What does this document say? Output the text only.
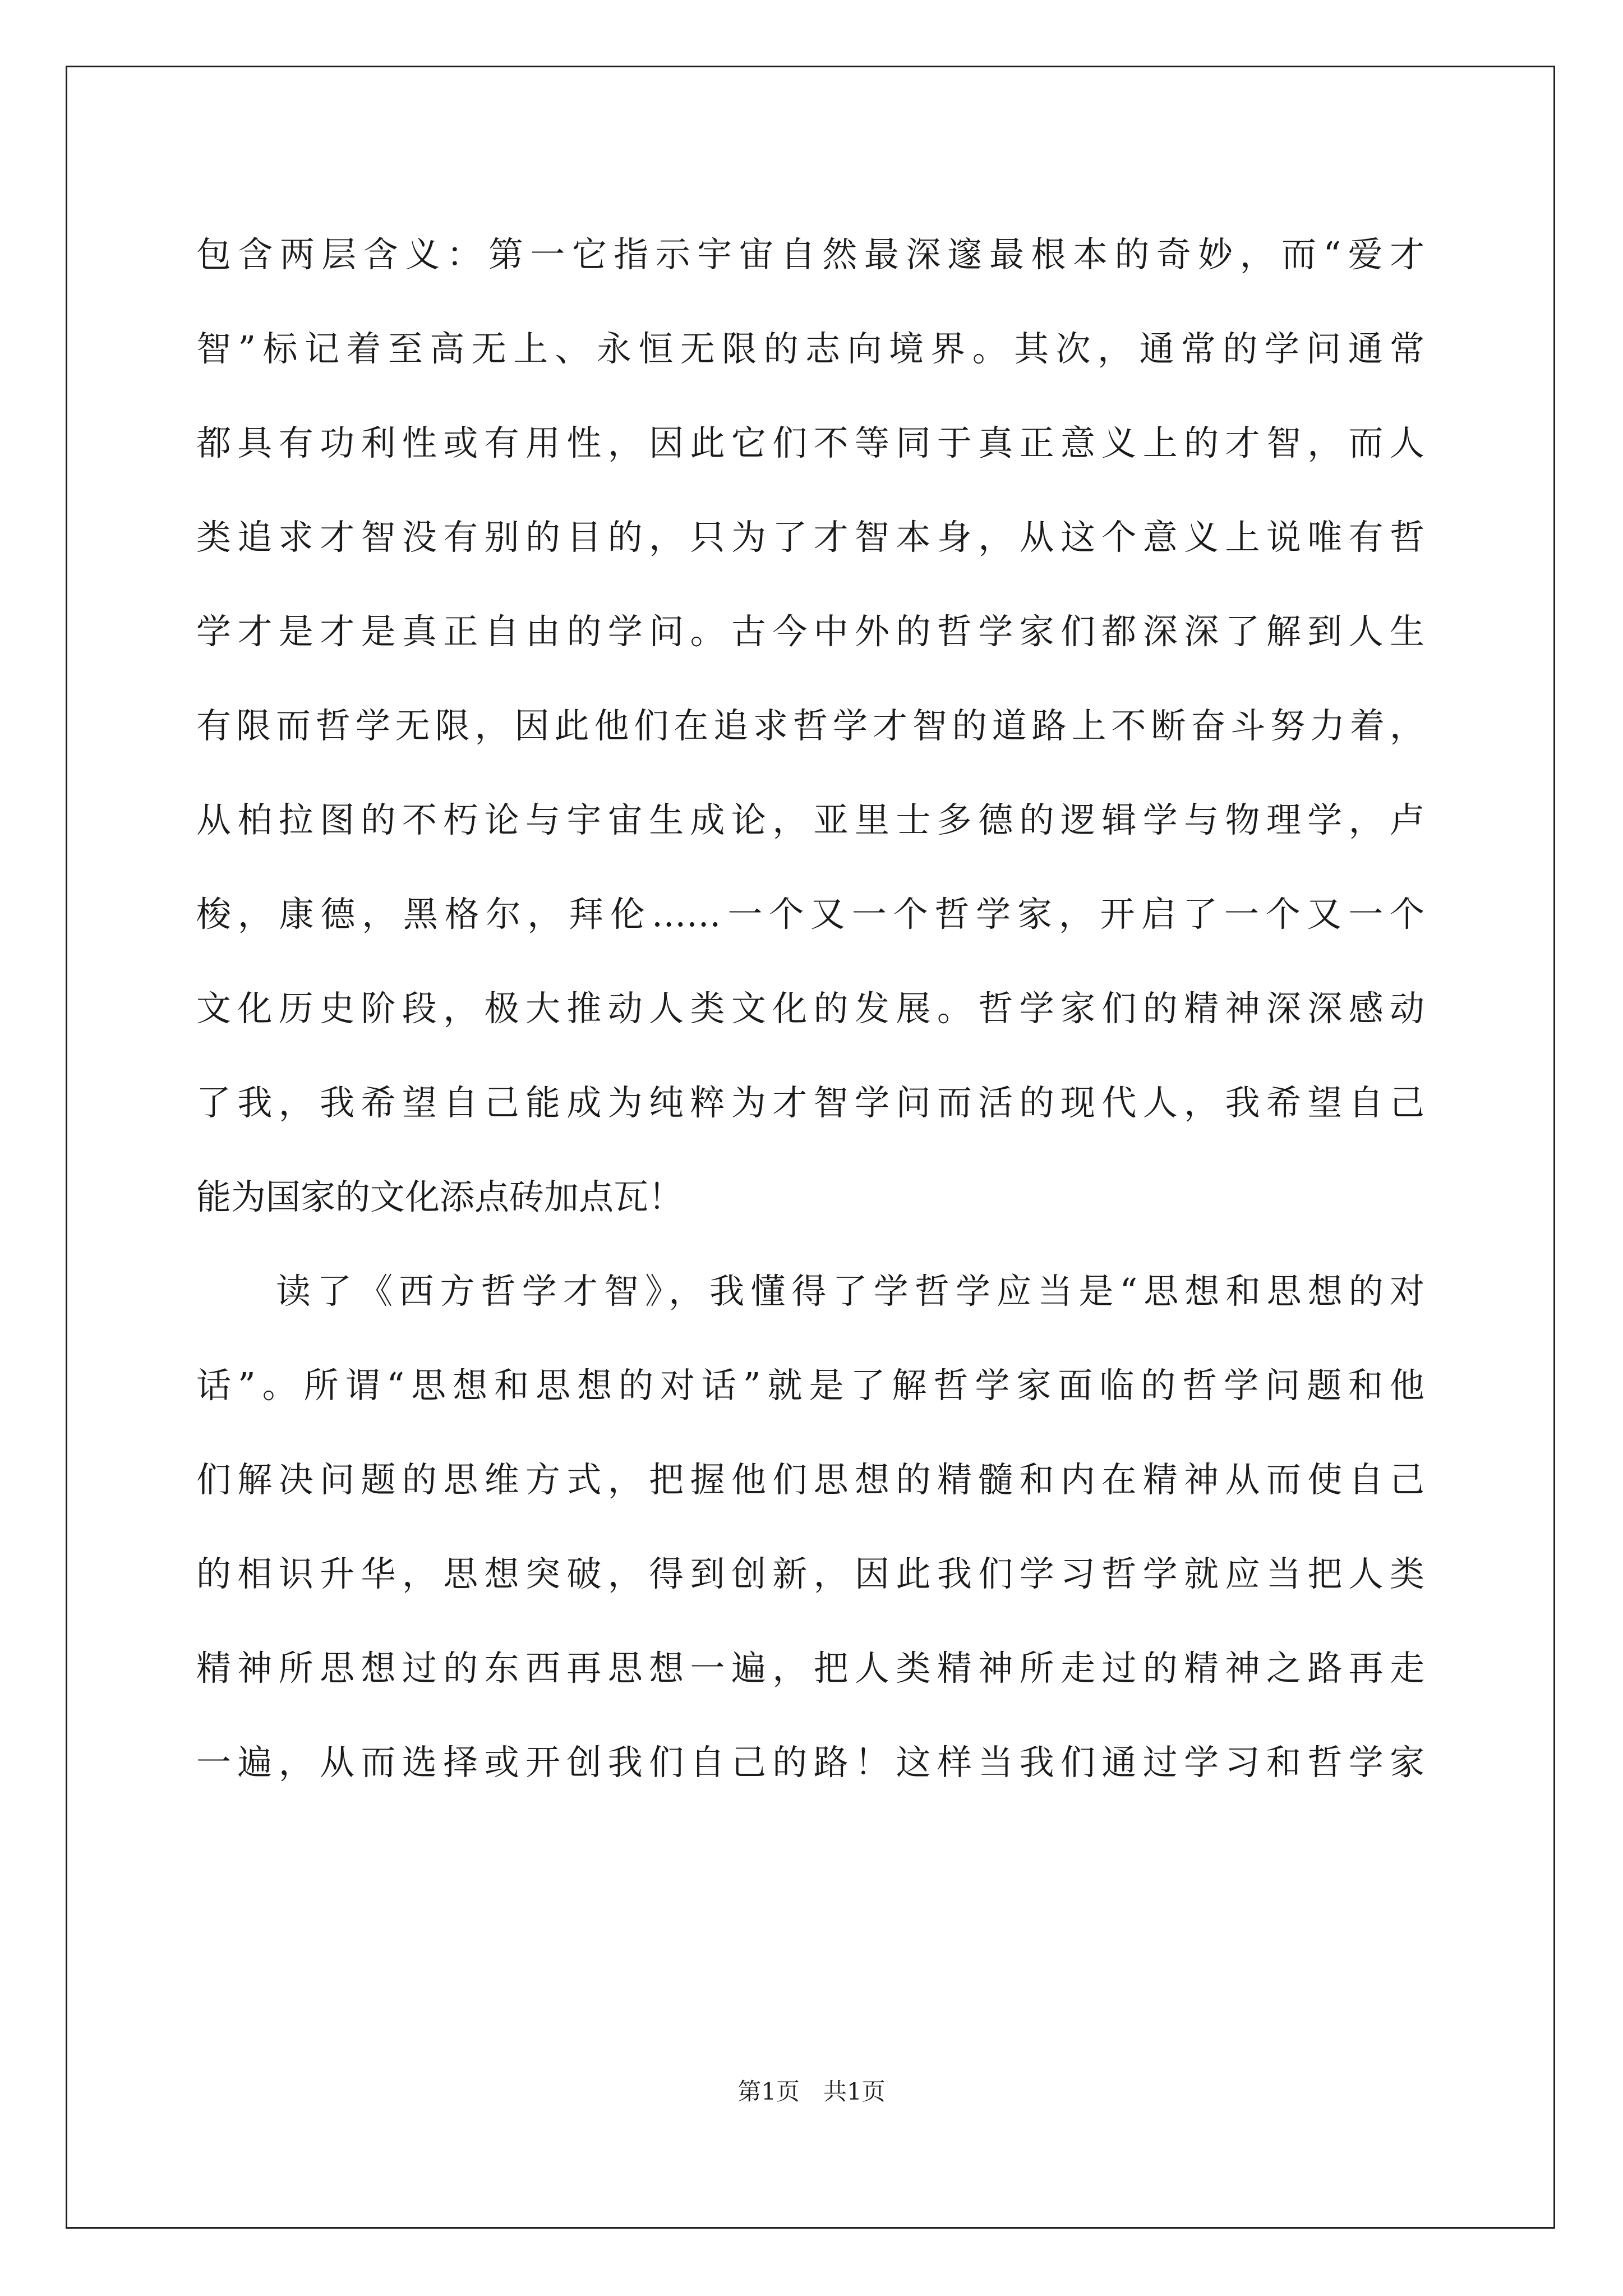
包含两层含义：第一它指示宇宙自然最深邃最根本的奇妙，而“爱才
智”标记着至高无上、永恒无限的志向境界。其次，通常的学问通常
都具有功利性或有用性，因此它们不等同于真正意义上的才智，而人
类追求才智没有别的目的，只为了才智本身，从这个意义上说唯有哲
学才是才是真正自由的学问。古今中外的哲学家们都深深了解到人生
有限而哲学无限，因此他们在追求哲学才智的道路上不断奋斗努力着，
从柏拉图的不朽论与宇宙生成论，亚里士多德的逻辑学与物理学，卢
梭，康德，黑格尔，拜伦……一个又一个哲学家，开启了一个又一个
文化历史阶段，极大推动人类文化的发展。哲学家们的精神深深感动
了我，我希望自己能成为纯粹为才智学问而活的现代人，我希望自己
能为国家的文化添点砖加点瓦！
读了《西方哲学才智》，我懂得了学哲学应当是“思想和思想的对
话”。所谓“思想和思想的对话”就是了解哲学家面临的哲学问题和他
们解决问题的思维方式，把握他们思想的精髓和内在精神从而使自己
的相识升华，思想突破，得到创新，因此我们学习哲学就应当把人类
精神所思想过的东西再思想一遍，把人类精神所走过的精神之路再走
一遍，从而选择或开创我们自己的路！这样当我们通过学习和哲学家
第1页　共1页
